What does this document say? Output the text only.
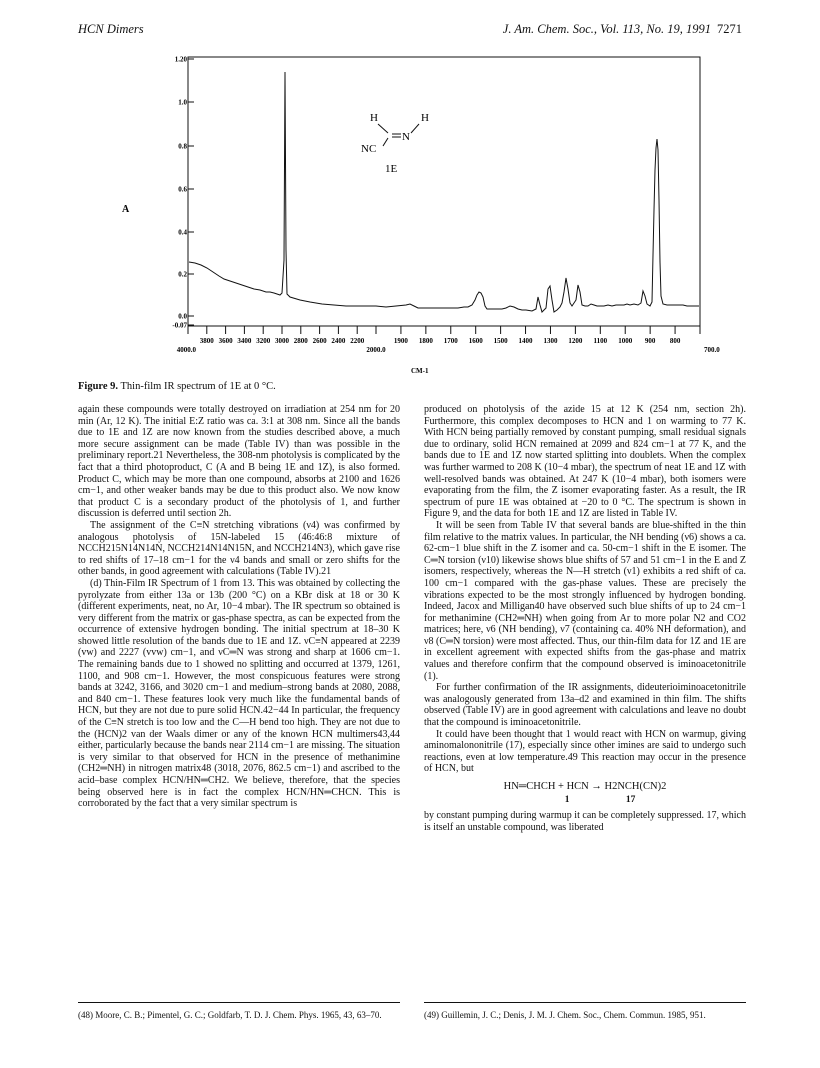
HCN Dimers	J. Am. Chem. Soc., Vol. 113, No. 19, 1991 7271
1.20
1.0
0.8
0.6
0.4
0.2
0.0
-0.07
4000.0
3800 3600 3400 3200 3000 2800 2600 2400 2200
2000.0
1900 1800 1700 1600 1500 1400 1300 1200 1100 1000 900 800
700.0
CM-1
A
H	H
N
NC
1E
Figure 9. Thin-film IR spectrum of 1E at 0 °C.

again these compounds were totally destroyed on irradiation at 254 nm for 20 min (Ar, 12 K). The initial E:Z ratio was ca. 3:1 at 308 nm. Since all the bands due to 1E and 1Z are now known from the studies described above, a much more secure assignment can be made (Table IV) than was possible in the preliminary report.21 Nevertheless, the 308-nm photolysis is complicated by the fact that a third photoproduct, C (A and B being 1E and 1Z), is also formed. Product C, which may be more than one compound, absorbs at 2100 and 1626 cm−1, and other weaker bands may be due to this product also. We now know that product C is a secondary product of the photolysis of 1, and further discussion is deferred until section 2h.

The assignment of the C≡N stretching vibrations (ν4) was confirmed by analogous photolysis of 15N-labeled 15 (46:46:8 mixture of NCCH215N14N14N, NCCH214N14N15N, and NCCH214N3), which gave rise to red shifts of 17–18 cm−1 for the ν4 bands and small or zero shifts for the other bands, in good agreement with calculations (Table IV).21

(d) Thin-Film IR Spectrum of 1 from 13. This was obtained by collecting the pyrolyzate from either 13a or 13b (200 °C) on a KBr disk at 18 or 30 K (different experiments, neat, no Ar, 10−4 mbar). The IR spectrum so obtained is very different from the matrix or gas-phase spectra, as can be expected from the occurrence of extensive hydrogen bonding. The initial spectrum at 18–30 K showed little resolution of the bands due to 1E and 1Z. νC≡N appeared at 2239 (vw) and 2227 (vvw) cm−1, and νC═N was strong and sharp at 1606 cm−1. The remaining bands due to 1 showed no splitting and occurred at 1379, 1261, 1100, and 908 cm−1. However, the most conspicuous features were strong bands at 3242, 3166, and 3020 cm−1 and medium–strong bands at 2080, 2088, and 840 cm−1. These features look very much like the fundamental bands of HCN, but they are not due to pure solid HCN.42−44 In particular, the frequency of the C≡N stretch is too low and the C—H bend too high. They are not due to the (HCN)2 van der Waals dimer or any of the known HCN multimers43,44 either, particularly because the bands near 2114 cm−1 are missing. The situation is very similar to that observed for HCN in the presence of methanimine (CH2═NH) in nitrogen matrix48 (3018, 2076, 862.5 cm−1) and ascribed to the acid–base complex HCN/HN═CH2. We believe, therefore, that the species being observed here is in fact the complex HCN/HN═CHCN. This is corroborated by the fact that a very similar spectrum is

produced on photolysis of the azide 15 at 12 K (254 nm, section 2h). Furthermore, this complex decomposes to HCN and 1 on warming to 77 K. With HCN being partially removed by constant pumping, small residual signals due to ordinary, solid HCN remained at 2099 and 824 cm−1 at 77 K, and the bands due to 1E and 1Z now started splitting into doublets. When the complex was further warmed to 208 K (10−4 mbar), the spectrum of neat 1E and 1Z with well-resolved bands was obtained. At 247 K (10−4 mbar), both isomers were evaporating from the film, the Z isomer evaporating faster. As a result, the IR spectrum of pure 1E was obtained at −20 to 0 °C. The spectrum is shown in Figure 9, and the data for both 1E and 1Z are listed in Table IV.

It will be seen from Table IV that several bands are blue-shifted in the thin film relative to the matrix values. In particular, the NH bending (ν6) shows a ca. 62-cm−1 blue shift in the Z isomer and ca. 50-cm−1 shift in the E isomer. The C═N torsion (ν10) likewise shows blue shifts of 57 and 51 cm−1 in the E and Z isomers, respectively, whereas the N—H stretch (ν1) exhibits a red shift of ca. 100 cm−1 compared with the gas-phase values. These are precisely the vibrations expected to be the most strongly influenced by hydrogen bonding. Indeed, Jacox and Milligan40 have observed such blue shifts of up to 24 cm−1 for methanimine (CH2═NH) when going from Ar to more polar N2 and CO2 matrices; here, ν6 (NH bending), ν7 (containing ca. 40% NH deformation), and ν8 (C═N torsion) were most affected. Thus, our thin-film data for 1Z and 1E are in excellent agreement with expected shifts from the gas-phase and matrix values and therefore confirm that the compound observed is iminoacetonitrile (1).

For further confirmation of the IR assignments, dideuterioiminoacetonitrile was analogously generated from 13a–d2 and examined in thin film. The shifts observed (Table IV) are in good agreement with calculations and leave no doubt that the compound is iminoacetonitrile.

It could have been thought that 1 would react with HCN on warmup, giving aminomalononitrile (17), especially since other imines are said to undergo such reactions, even at low temperature.49 This reaction may occur in the presence of HCN, but

HN═CHCH + HCN → H2NCH(CN)2
1 17

by constant pumping during warmup it can be completely suppressed. 17, which is itself an unstable compound, was liberated

(48) Moore, C. B.; Pimentel, G. C.; Goldfarb, T. D. J. Chem. Phys. 1965, 43, 63–70.	(49) Guillemin, J. C.; Denis, J. M. J. Chem. Soc., Chem. Commun. 1985, 951.
